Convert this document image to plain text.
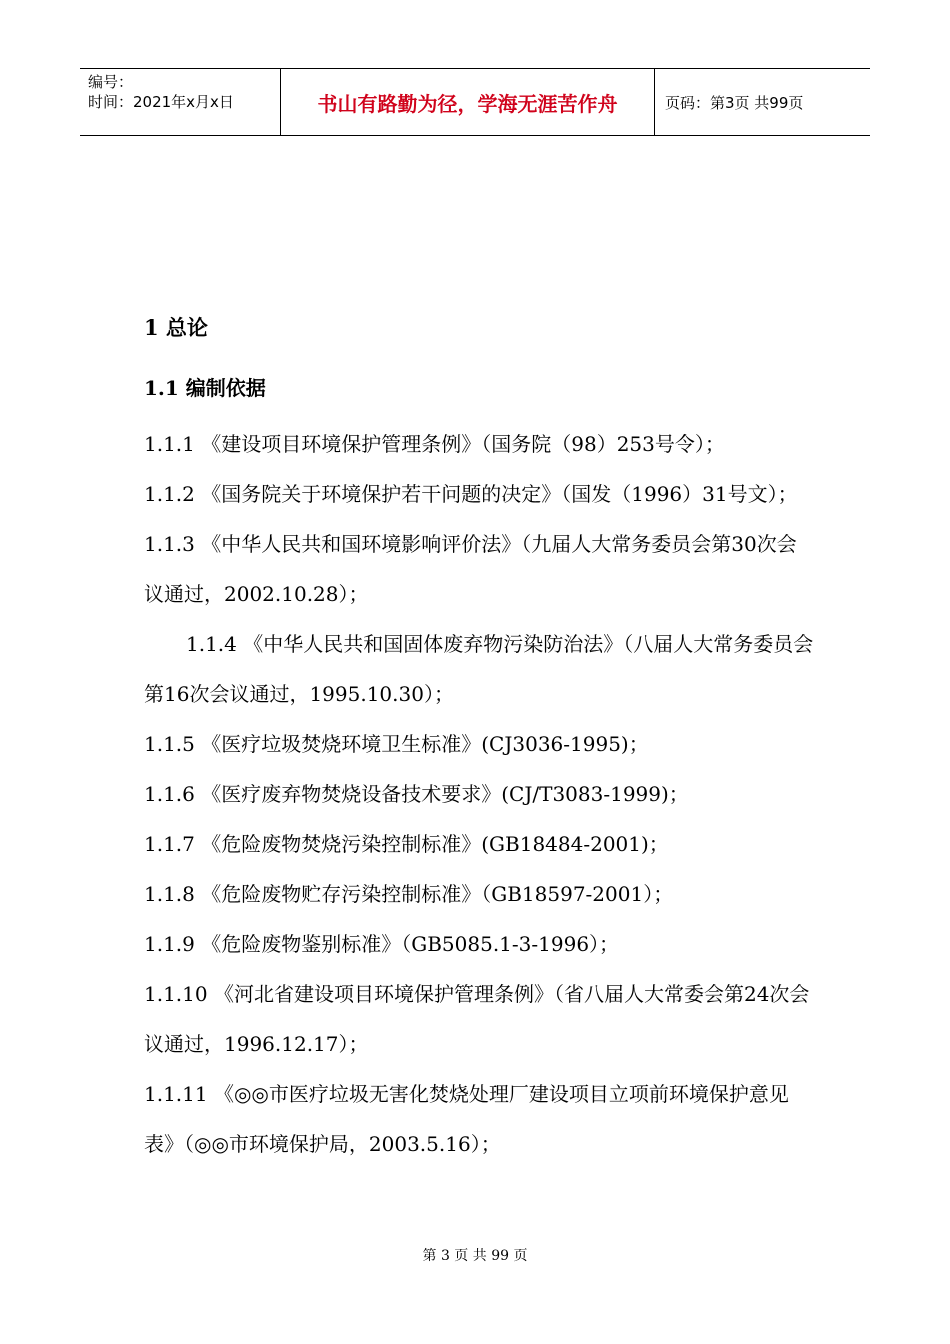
编号：
时间：2021年x月x日	书山有路勤为径，学海无涯苦作舟	页码：第3页 共99页
1 总论
1.1 编制依据

1.1.1 《建设项目环境保护管理条例》（国务院（98）253号令）；

1.1.2 《国务院关于环境保护若干问题的决定》（国发（1996）31号文）；

1.1.3 《中华人民共和国环境影响评价法》（九届人大常务委员会第30次会议通过，2002.10.28）；

1.1.4 《中华人民共和国固体废弃物污染防治法》（八届人大常务委员会第16次会议通过，1995.10.30）；

1.1.5 《医疗垃圾焚烧环境卫生标准》(CJ3036-1995)；

1.1.6 《医疗废弃物焚烧设备技术要求》(CJ/T3083-1999)；

1.1.7 《危险废物焚烧污染控制标准》(GB18484-2001)；

1.1.8 《危险废物贮存污染控制标准》（GB18597-2001）；

1.1.9 《危险废物鉴别标准》（GB5085.1-3-1996）；

1.1.10 《河北省建设项目环境保护管理条例》（省八届人大常委会第24次会议通过，1996.12.17）；

1.1.11 《◎◎市医疗垃圾无害化焚烧处理厂建设项目立项前环境保护意见表》（◎◎市环境保护局，2003.5.16）；

第 3 页 共 99 页
